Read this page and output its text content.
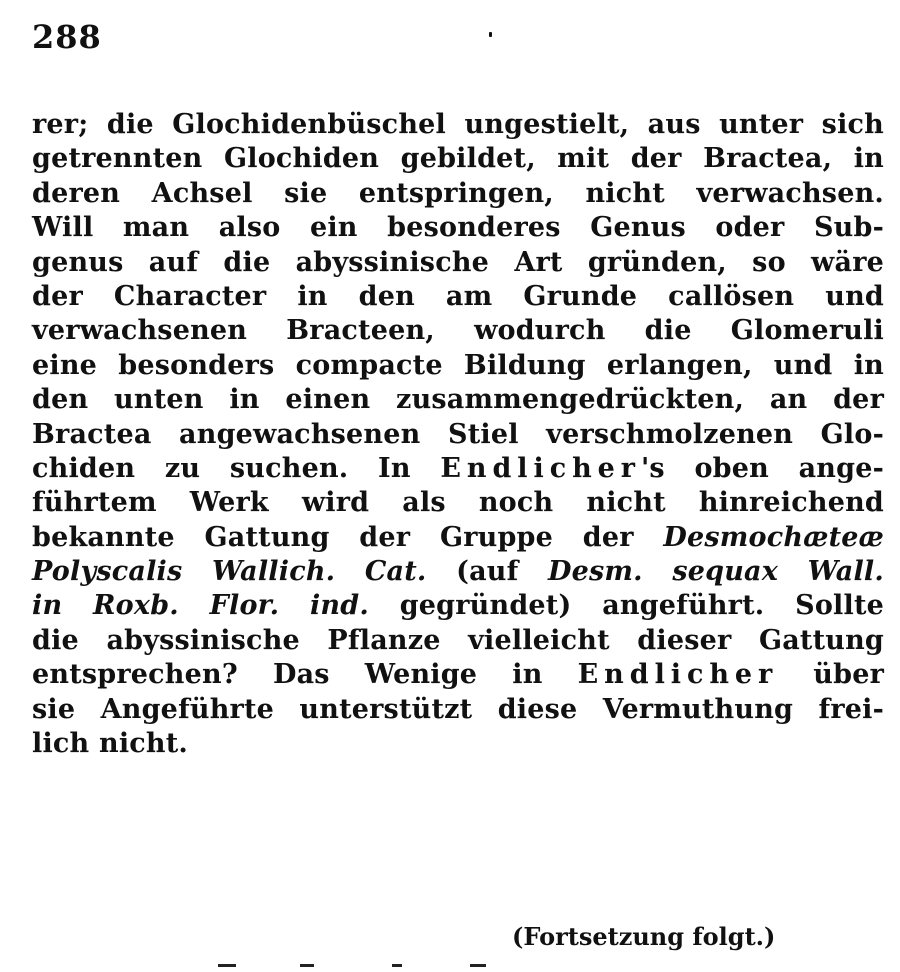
288

rer; die Glochidenbüschel ungestielt, aus unter sich
getrennten Glochiden gebildet, mit der Bractea, in
deren Achsel sie entspringen, nicht verwachsen.
Will man also ein besonderes Genus oder Sub-
genus auf die abyssinische Art gründen, so wäre
der Character in den am Grunde callösen und
verwachsenen Bracteen, wodurch die Glomeruli
eine besonders compacte Bildung erlangen, und in
den unten in einen zusammengedrückten, an der
Bractea angewachsenen Stiel verschmolzenen Glo-
chiden zu suchen. In Endlicher's oben ange-
führtem Werk wird als noch nicht hinreichend
bekannte Gattung der Gruppe der Desmochæteæ
Polyscalis Wallich. Cat. (auf Desm. sequax Wall.
in Roxb. Flor. ind. gegründet) angeführt. Sollte
die abyssinische Pflanze vielleicht dieser Gattung
entsprechen? Das Wenige in Endlicher über
sie Angeführte unterstützt diese Vermuthung frei-
lich nicht.

(Fortsetzung folgt.)
